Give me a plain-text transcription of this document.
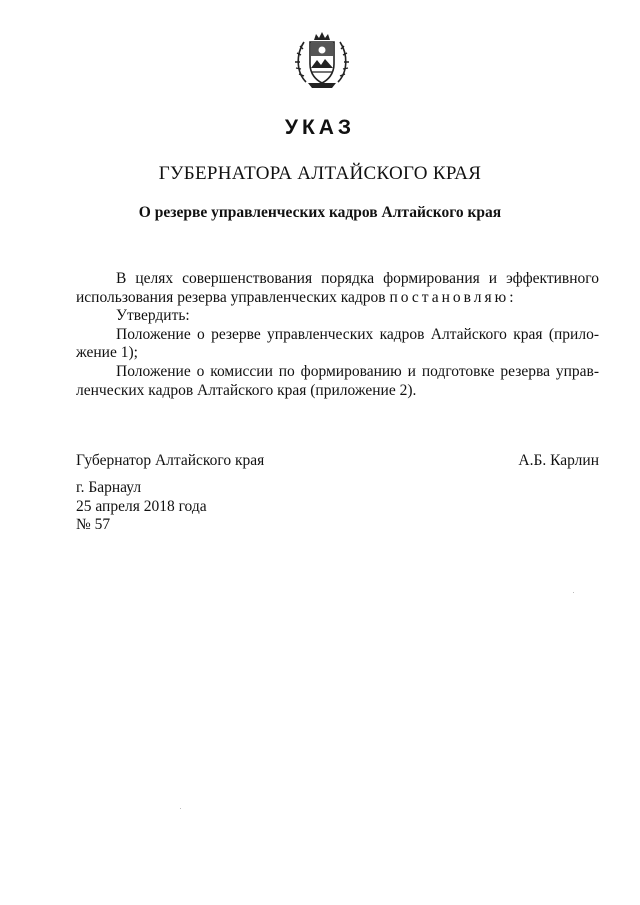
УКАЗ
ГУБЕРНАТОРА АЛТАЙСКОГО КРАЯ
О резерве управленческих кадров Алтайского края
В целях совершенствования порядка формирования и эффективного
использования резерва управленческих кадров постановляю:
Утвердить:
Положение о резерве управленческих кадров Алтайского края (прило-
жение 1);
Положение о комиссии по формированию и подготовке резерва управ-
ленческих кадров Алтайского края (приложение 2).
Губернатор Алтайского края	А.Б. Карлин
г. Барнаул
25 апреля 2018 года
№ 57
